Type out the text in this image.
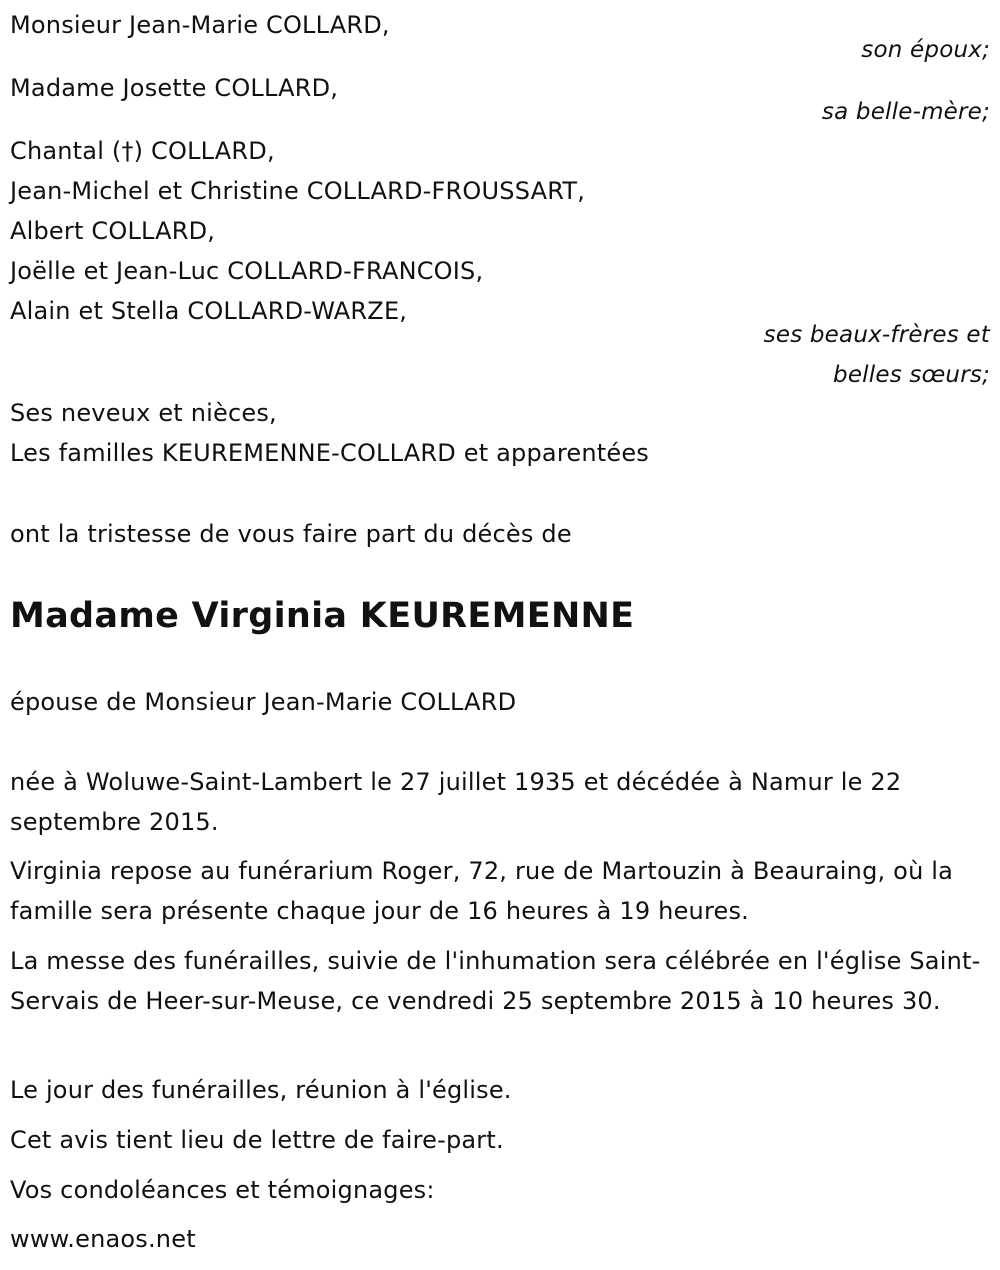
Monsieur Jean-Marie COLLARD,
son époux;
Madame Josette COLLARD,
sa belle-mère;
Chantal (†) COLLARD,
Jean-Michel et Christine COLLARD-FROUSSART,
Albert COLLARD,
Joëlle et Jean-Luc COLLARD-FRANCOIS,
Alain et Stella COLLARD-WARZE,
ses beaux-frères et
belles sœurs;
Ses neveux et nièces,
Les familles KEUREMENNE-COLLARD et apparentées
ont la tristesse de vous faire part du décès de
Madame Virginia KEUREMENNE
épouse de Monsieur Jean-Marie COLLARD
née à Woluwe-Saint-Lambert le 27 juillet 1935 et décédée à Namur le 22 septembre 2015.
Virginia repose au funérarium Roger, 72, rue de Martouzin à Beauraing, où la famille sera présente chaque jour de 16 heures à 19 heures.
La messe des funérailles, suivie de l'inhumation sera célébrée en l'église Saint-Servais de Heer-sur-Meuse, ce vendredi 25 septembre 2015 à 10 heures 30.
Le jour des funérailles, réunion à l'église.
Cet avis tient lieu de lettre de faire-part.
Vos condoléances et témoignages:
www.enaos.net
